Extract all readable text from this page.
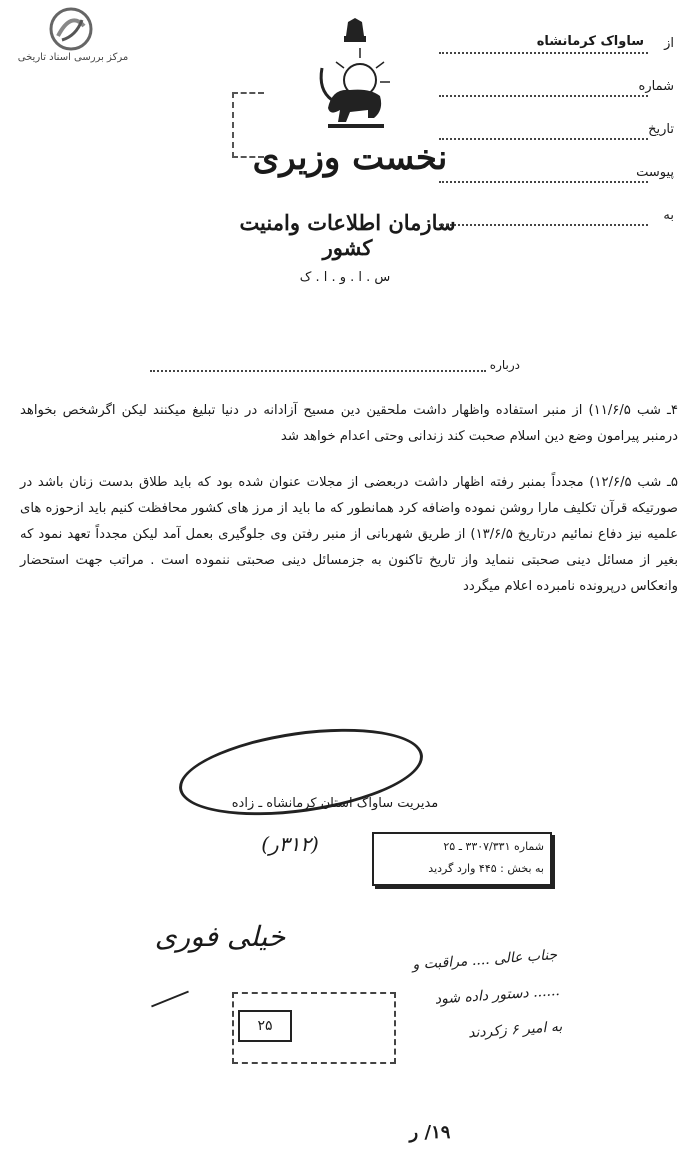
مرکز بررسی اسناد تاریخی
نخست وزیری
سازمان اطلاعات وامنیت کشور
س . ا . و . ا . ک
از
ساواک کرمانشاه
شماره
تاریخ
پیوست
به
درباره

۴ـ شب ۱۱/۶/۵) از منبر استفاده واظهار داشت ملحقین دین مسیح آزادانه در دنیا تبلیغ میکنند لیکن اگرشخص بخواهد درمنبر پیرامون وضع دین اسلام صحبت کند زندانی وحتی اعدام خواهد شد

۵ـ شب ۱۲/۶/۵) مجدداً بمنبر رفته اظهار داشت دربعضی از مجلات عنوان شده بود که باید طلاق بدست زنان باشد در صورتیکه قرآن تکلیف مارا روشن نموده واضافه کرد همانطور که ما باید از مرز های کشور محافظت کنیم باید ازحوزه های علمیه نیز دفاع نمائیم درتاریخ ۱۳/۶/۵) از طریق شهربانی از منبر رفتن وی جلوگیری بعمل آمد لیکن مجدداً تعهد نمود که بغیر از مسائل دینی صحبتی ننماید واز تاریخ تاکنون به جزمسائل دینی صحبتی ننموده است . مراتب جهت استحضار وانعکاس درپرونده نامبرده اعلام میگردد

مدیریت ساواک استان کرمانشاه ـ زاده
(۳۱۲ر)	شماره ۳۳۰۷/۳۳۱ ـ ۲۵
به بخش : ۴۴۵ وارد گردید
خیلی فوری
۲۵
جناب عالی .... مراقبت و
...... دستور داده شود
به امیر ۶ زکردند
۱۹/ ر
